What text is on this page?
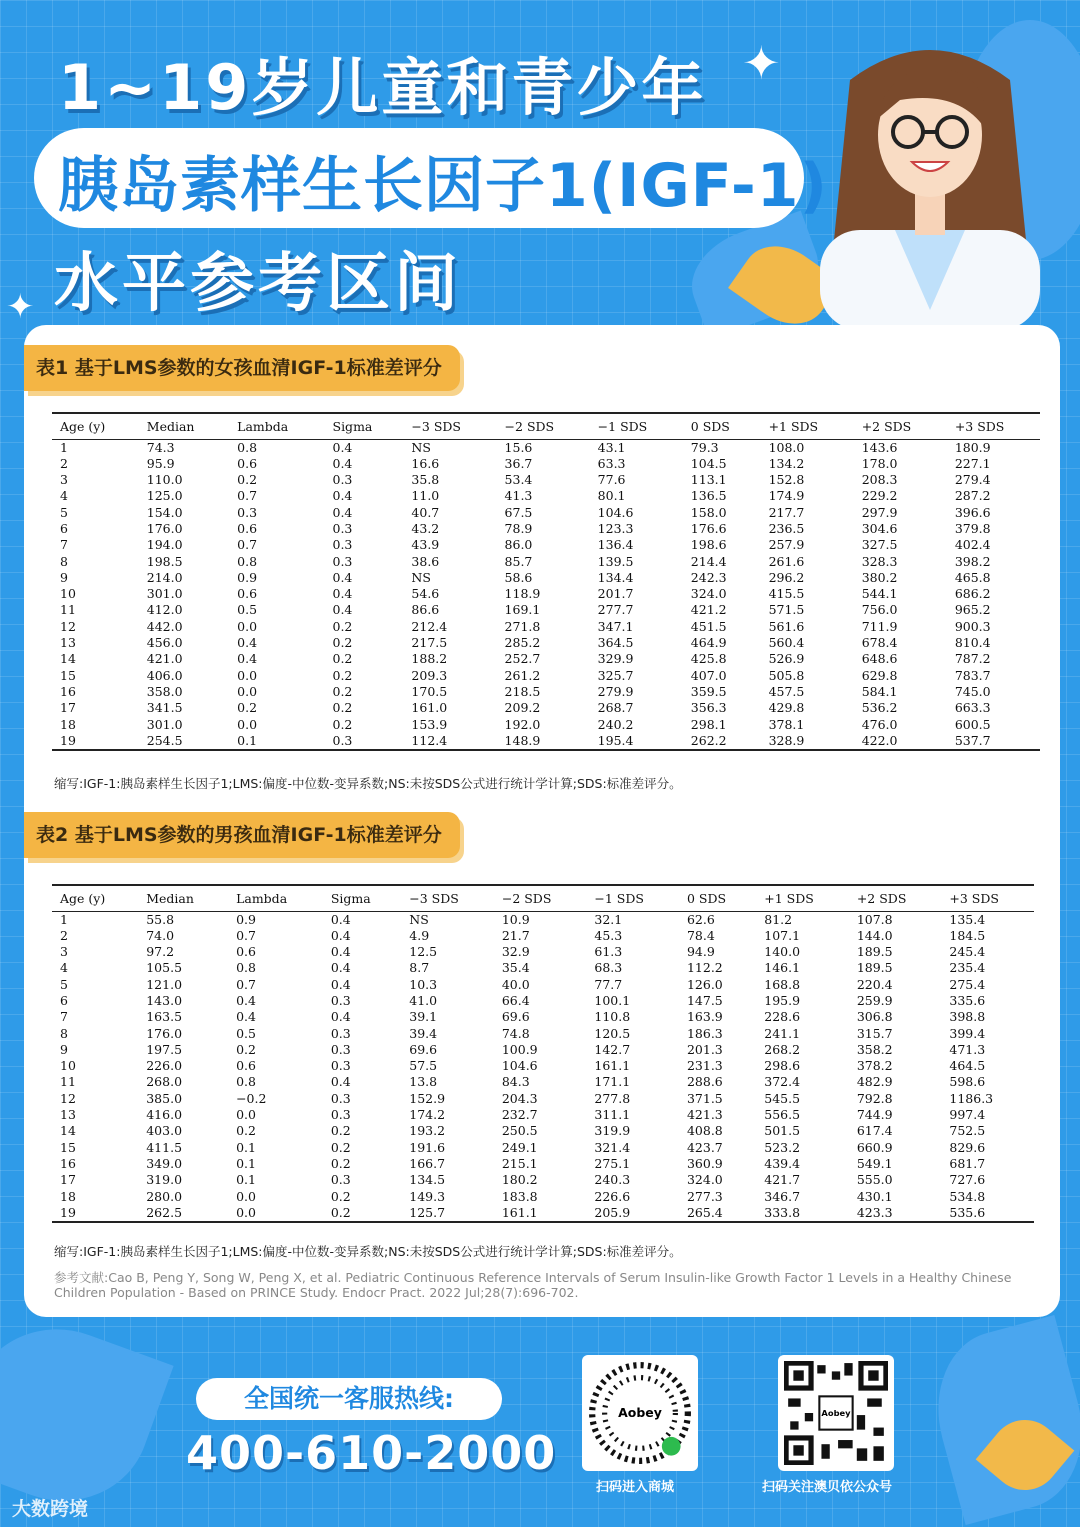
✦
✦
1~19岁儿童和青少年
胰岛素样生长因子1(IGF-1)
水平参考区间
表1 基于LMS参数的女孩血清IGF-1标准差评分
Age (y)	Median	Lambda	Sigma	−3 SDS	−2 SDS	−1 SDS	0 SDS	+1 SDS	+2 SDS	+3 SDS
1	74.3	0.8	0.4	NS	15.6	43.1	79.3	108.0	143.6	180.9
2	95.9	0.6	0.4	16.6	36.7	63.3	104.5	134.2	178.0	227.1
3	110.0	0.2	0.3	35.8	53.4	77.6	113.1	152.8	208.3	279.4
4	125.0	0.7	0.4	11.0	41.3	80.1	136.5	174.9	229.2	287.2
5	154.0	0.3	0.4	40.7	67.5	104.6	158.0	217.7	297.9	396.6
6	176.0	0.6	0.3	43.2	78.9	123.3	176.6	236.5	304.6	379.8
7	194.0	0.7	0.3	43.9	86.0	136.4	198.6	257.9	327.5	402.4
8	198.5	0.8	0.3	38.6	85.7	139.5	214.4	261.6	328.3	398.2
9	214.0	0.9	0.4	NS	58.6	134.4	242.3	296.2	380.2	465.8
10	301.0	0.6	0.4	54.6	118.9	201.7	324.0	415.5	544.1	686.2
11	412.0	0.5	0.4	86.6	169.1	277.7	421.2	571.5	756.0	965.2
12	442.0	0.0	0.2	212.4	271.8	347.1	451.5	561.6	711.9	900.3
13	456.0	0.4	0.2	217.5	285.2	364.5	464.9	560.4	678.4	810.4
14	421.0	0.4	0.2	188.2	252.7	329.9	425.8	526.9	648.6	787.2
15	406.0	0.0	0.2	209.3	261.2	325.7	407.0	505.8	629.8	783.7
16	358.0	0.0	0.2	170.5	218.5	279.9	359.5	457.5	584.1	745.0
17	341.5	0.2	0.2	161.0	209.2	268.7	356.3	429.8	536.2	663.3
18	301.0	0.0	0.2	153.9	192.0	240.2	298.1	378.1	476.0	600.5
19	254.5	0.1	0.3	112.4	148.9	195.4	262.2	328.9	422.0	537.7
缩写:IGF-1:胰岛素样生长因子1;LMS:偏度-中位数-变异系数;NS:未按SDS公式进行统计学计算;SDS:标准差评分。
表2 基于LMS参数的男孩血清IGF-1标准差评分
Age (y)	Median	Lambda	Sigma	−3 SDS	−2 SDS	−1 SDS	0 SDS	+1 SDS	+2 SDS	+3 SDS
1	55.8	0.9	0.4	NS	10.9	32.1	62.6	81.2	107.8	135.4
2	74.0	0.7	0.4	4.9	21.7	45.3	78.4	107.1	144.0	184.5
3	97.2	0.6	0.4	12.5	32.9	61.3	94.9	140.0	189.5	245.4
4	105.5	0.8	0.4	8.7	35.4	68.3	112.2	146.1	189.5	235.4
5	121.0	0.7	0.4	10.3	40.0	77.7	126.0	168.8	220.4	275.4
6	143.0	0.4	0.3	41.0	66.4	100.1	147.5	195.9	259.9	335.6
7	163.5	0.4	0.4	39.1	69.6	110.8	163.9	228.6	306.8	398.8
8	176.0	0.5	0.3	39.4	74.8	120.5	186.3	241.1	315.7	399.4
9	197.5	0.2	0.3	69.6	100.9	142.7	201.3	268.2	358.2	471.3
10	226.0	0.6	0.3	57.5	104.6	161.1	231.3	298.6	378.2	464.5
11	268.0	0.8	0.4	13.8	84.3	171.1	288.6	372.4	482.9	598.6
12	385.0	−0.2	0.3	152.9	204.3	277.8	371.5	545.5	792.8	1186.3
13	416.0	0.0	0.3	174.2	232.7	311.1	421.3	556.5	744.9	997.4
14	403.0	0.2	0.2	193.2	250.5	319.9	408.8	501.5	617.4	752.5
15	411.5	0.1	0.2	191.6	249.1	321.4	423.7	523.2	660.9	829.6
16	349.0	0.1	0.2	166.7	215.1	275.1	360.9	439.4	549.1	681.7
17	319.0	0.1	0.3	134.5	180.2	240.3	324.0	421.7	555.0	727.6
18	280.0	0.0	0.2	149.3	183.8	226.6	277.3	346.7	430.1	534.8
19	262.5	0.0	0.2	125.7	161.1	205.9	265.4	333.8	423.3	535.6
缩写:IGF-1:胰岛素样生长因子1;LMS:偏度-中位数-变异系数;NS:未按SDS公式进行统计学计算;SDS:标准差评分。
参考文献:Cao B, Peng Y, Song W, Peng X, et al. Pediatric Continuous Reference Intervals of Serum Insulin-like Growth Factor 1 Levels in a Healthy Chinese Children Population - Based on PRINCE Study. Endocr Pract. 2022 Jul;28(7):696-702.
全国统一客服热线:
400-610-2000
Aobey
扫码进入商城
Aobey
扫码关注澳贝依公众号
大数跨境
